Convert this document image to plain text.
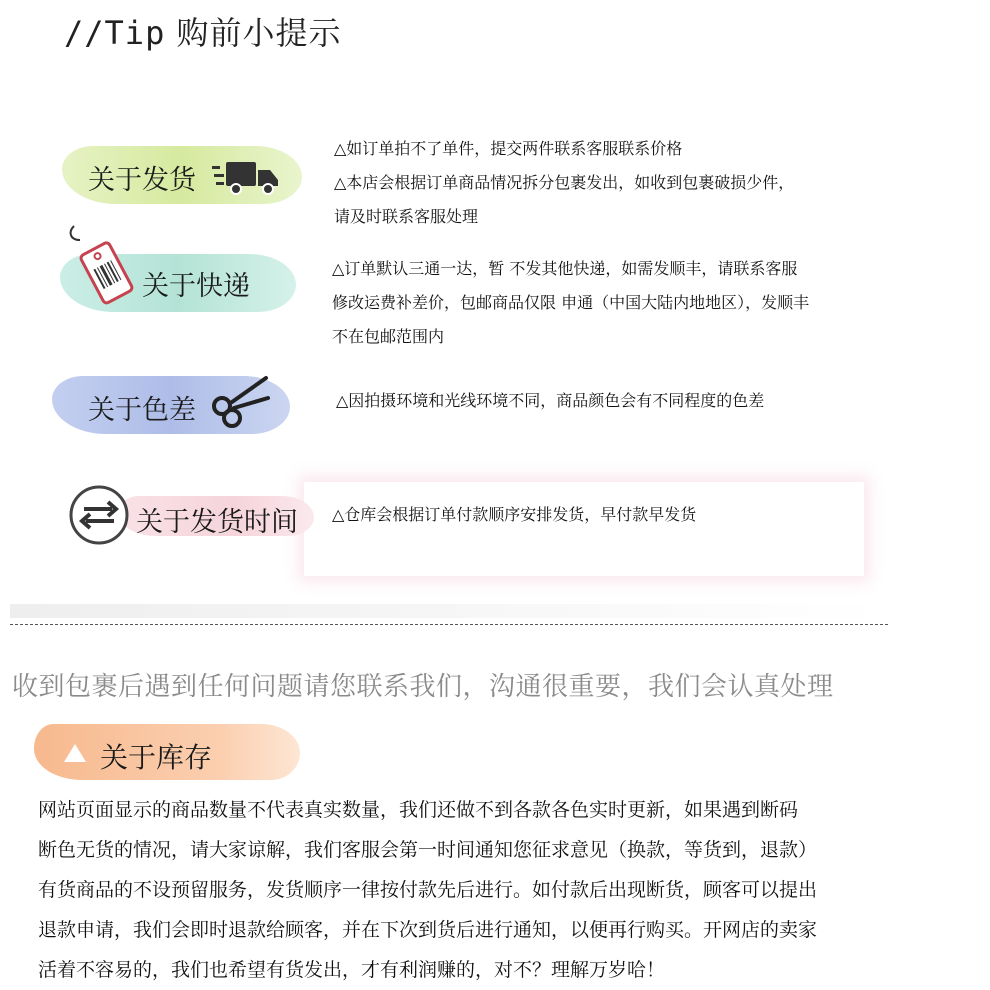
//Tip 购前小提示
关于发货
△如订单拍不了单件，提交两件联系客服联系价格
△本店会根据订单商品情况拆分包裹发出，如收到包裹破损少件，
请及时联系客服处理
关于快递
△订单默认三通一达，暂 不发其他快递，如需发顺丰，请联系客服
修改运费补差价，包邮商品仅限 申通（中国大陆内地地区），发顺丰
不在包邮范围内
关于色差	△因拍摄环境和光线环境不同，商品颜色会有不同程度的色差
关于发货时间 △仓库会根据订单付款顺序安排发货，早付款早发货
收到包裹后遇到任何问题请您联系我们，沟通很重要，我们会认真处理
关于库存
网站页面显示的商品数量不代表真实数量，我们还做不到各款各色实时更新，如果遇到断码
断色无货的情况，请大家谅解，我们客服会第一时间通知您征求意见（换款，等货到，退款）
有货商品的不设预留服务，发货顺序一律按付款先后进行。如付款后出现断货，顾客可以提出
退款申请，我们会即时退款给顾客，并在下次到货后进行通知，以便再行购买。开网店的卖家
活着不容易的，我们也希望有货发出，才有利润赚的，对不？理解万岁哈！
